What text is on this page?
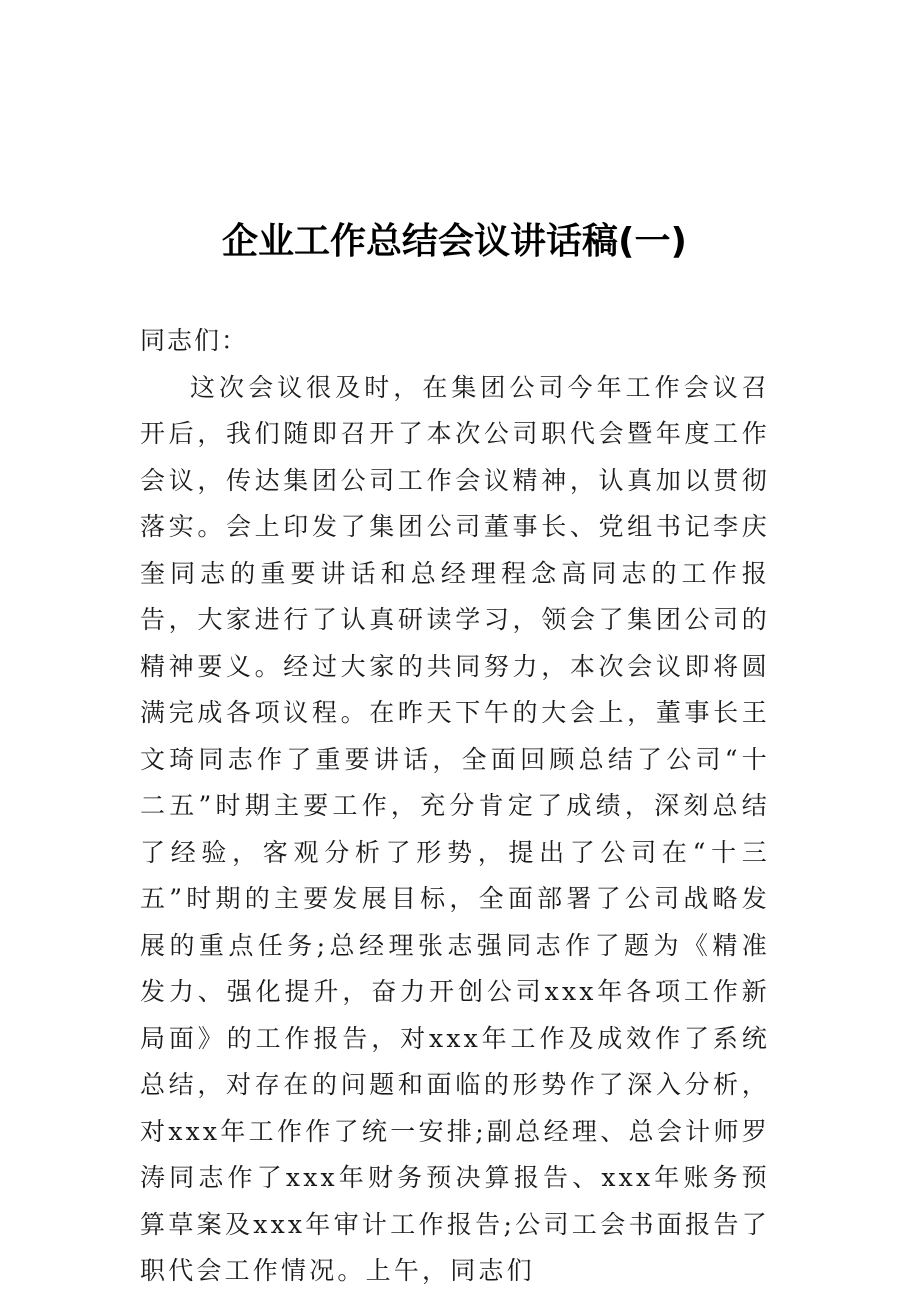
企业工作总结会议讲话稿(一)

同志们：

这次会议很及时，在集团公司今年工作会议召开后，我们随即召开了本次公司职代会暨年度工作会议，传达集团公司工作会议精神，认真加以贯彻落实。会上印发了集团公司董事长、党组书记李庆奎同志的重要讲话和总经理程念高同志的工作报告，大家进行了认真研读学习，领会了集团公司的精神要义。经过大家的共同努力，本次会议即将圆满完成各项议程。在昨天下午的大会上，董事长王文琦同志作了重要讲话，全面回顾总结了公司“十二五”时期主要工作，充分肯定了成绩，深刻总结了经验，客观分析了形势，提出了公司在“十三五”时期的主要发展目标，全面部署了公司战略发展的重点任务;总经理张志强同志作了题为《精准发力、强化提升，奋力开创公司xxx年各项工作新局面》的工作报告，对xxx年工作及成效作了系统总结，对存在的问题和面临的形势作了深入分析，对xxx年工作作了统一安排;副总经理、总会计师罗涛同志作了xxx年财务预决算报告、xxx年账务预算草案及xxx年审计工作报告;公司工会书面报告了职代会工作情况。上午，同志们
